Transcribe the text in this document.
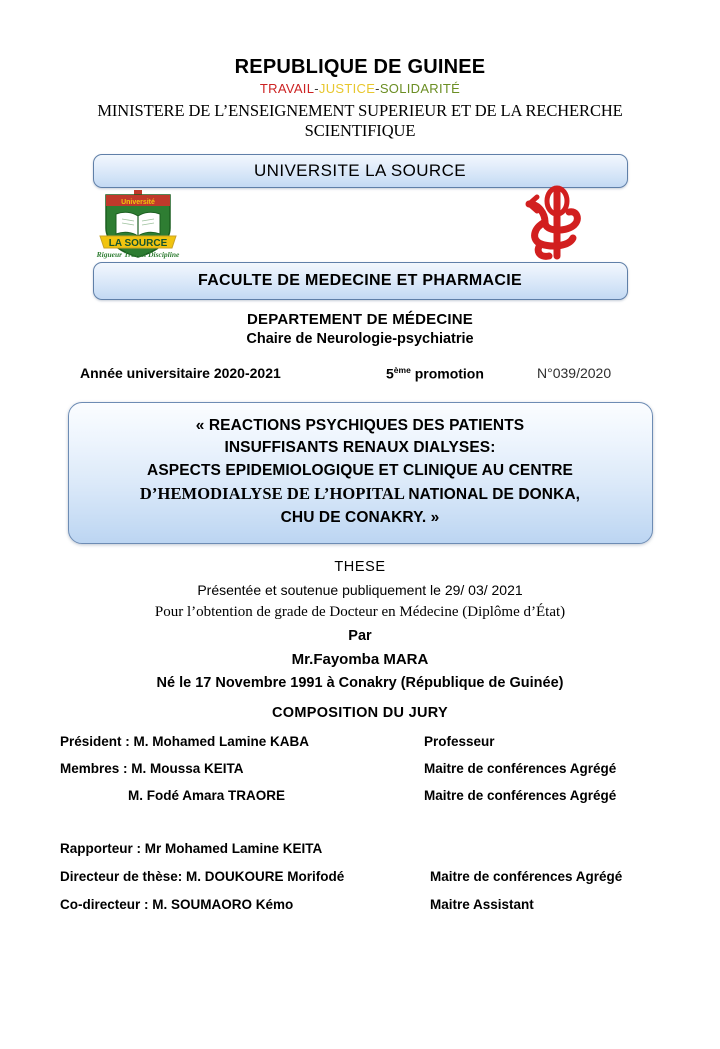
REPUBLIQUE DE GUINEE
TRAVAIL-JUSTICE-SOLIDARITÉ
MINISTERE DE L’ENSEIGNEMENT SUPERIEUR ET DE LA RECHERCHE SCIENTIFIQUE
UNIVERSITE LA SOURCE
Université
LA SOURCE
Rigueur Travail Discipline
FACULTE DE MEDECINE ET PHARMACIE
DEPARTEMENT DE MÉDECINE
Chaire de Neurologie-psychiatrie
Année universitaire 2020-2021	5ème promotion	N°039/2020
« REACTIONS PSYCHIQUES DES PATIENTS
INSUFFISANTS RENAUX DIALYSES:
ASPECTS EPIDEMIOLOGIQUE ET CLINIQUE AU CENTRE
D’HEMODIALYSE DE L’HOPITAL NATIONAL DE DONKA,
CHU DE CONAKRY. »
THESE
Présentée et soutenue publiquement le 29/ 03/ 2021
Pour l’obtention de grade de Docteur en Médecine (Diplôme d’État)
Par
Mr.Fayomba MARA
Né le 17 Novembre 1991 à Conakry (République de Guinée)
COMPOSITION DU JURY
Président : M. Mohamed Lamine KABA	Professeur
Membres : M. Moussa KEITA	Maitre de conférences Agrégé
M. Fodé Amara TRAORE	Maitre de conférences Agrégé
Rapporteur : Mr Mohamed Lamine KEITA
Directeur de thèse: M. DOUKOURE Morifodé	Maitre de conférences Agrégé
Co-directeur : M. SOUMAORO Kémo	Maitre Assistant
